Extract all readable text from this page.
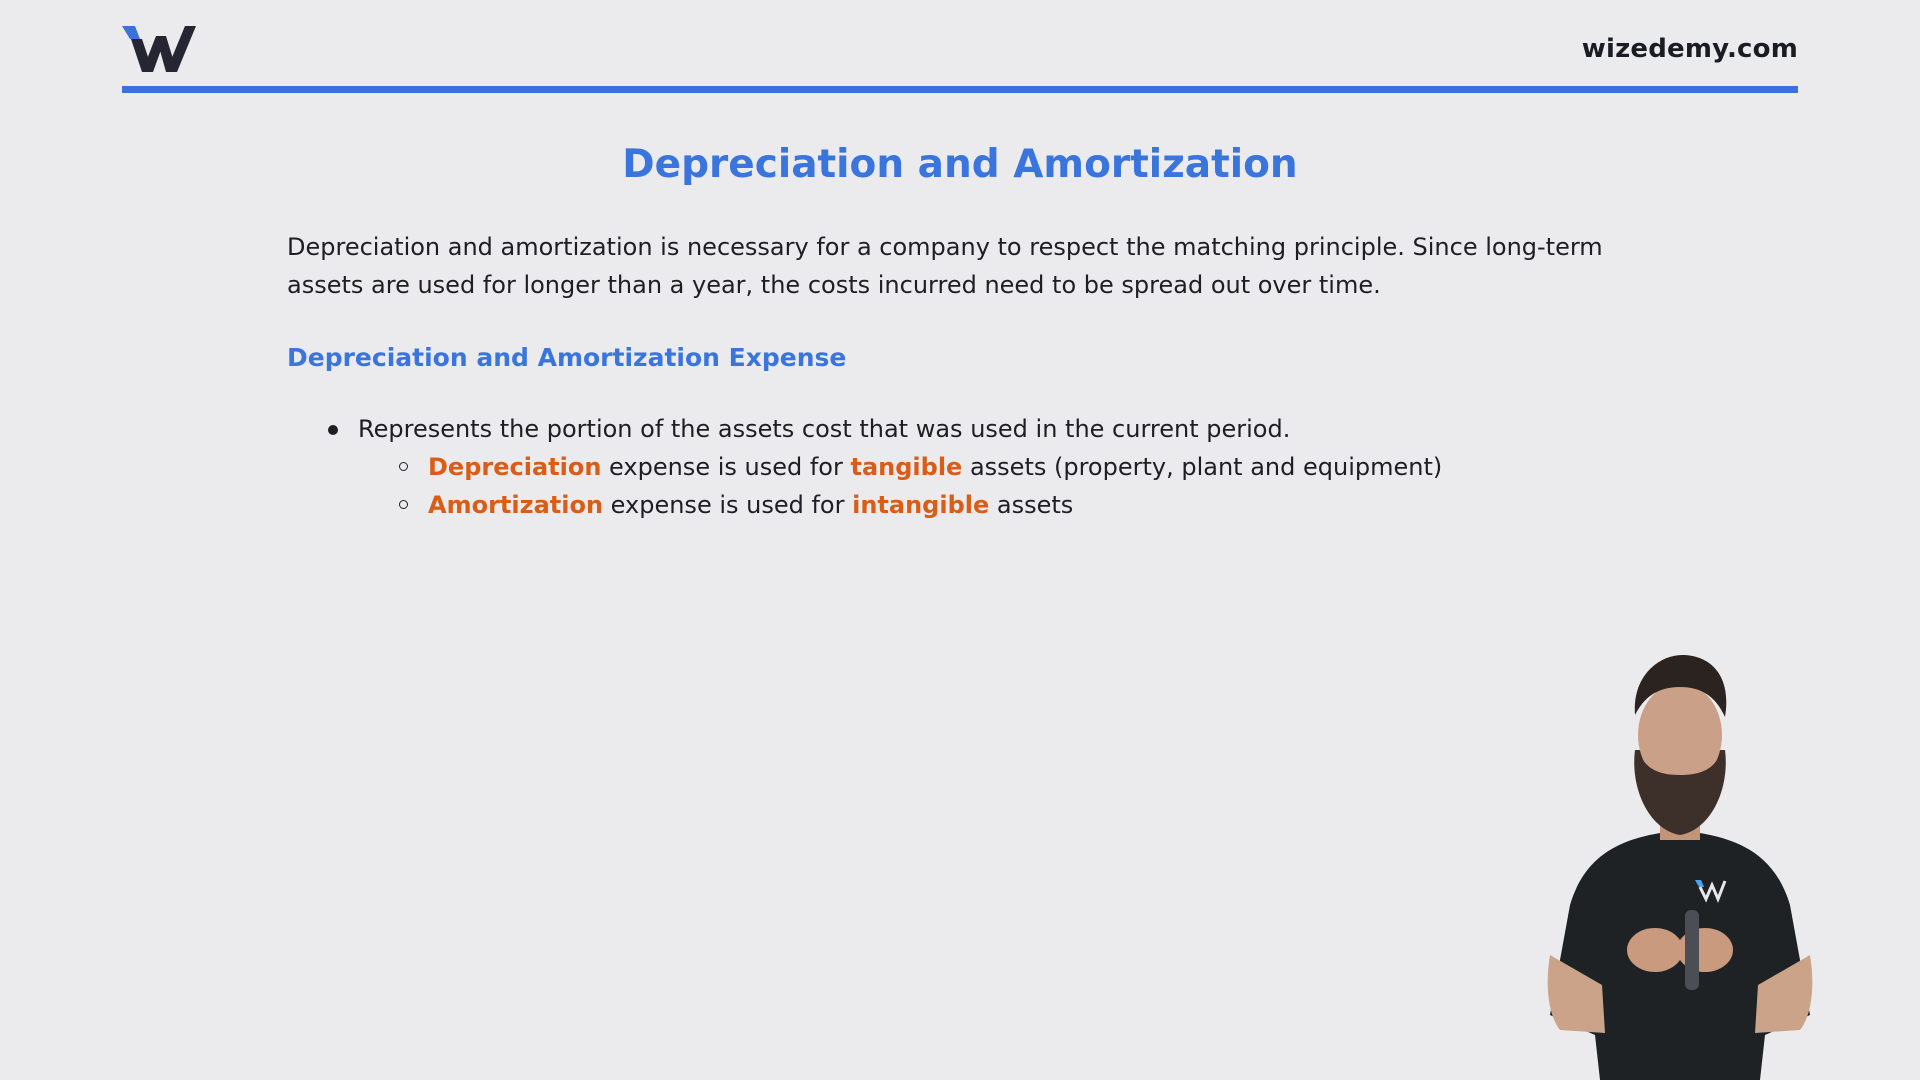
wizedemy.com
Depreciation and Amortization

Depreciation and amortization is necessary for a company to respect the matching principle. Since long-term assets are used for longer than a year, the costs incurred need to be spread out over time.

Depreciation and Amortization Expense
Represents the portion of the assets cost that was used in the current period.
Depreciation expense is used for tangible assets (property, plant and equipment)
Amortization expense is used for intangible assets
